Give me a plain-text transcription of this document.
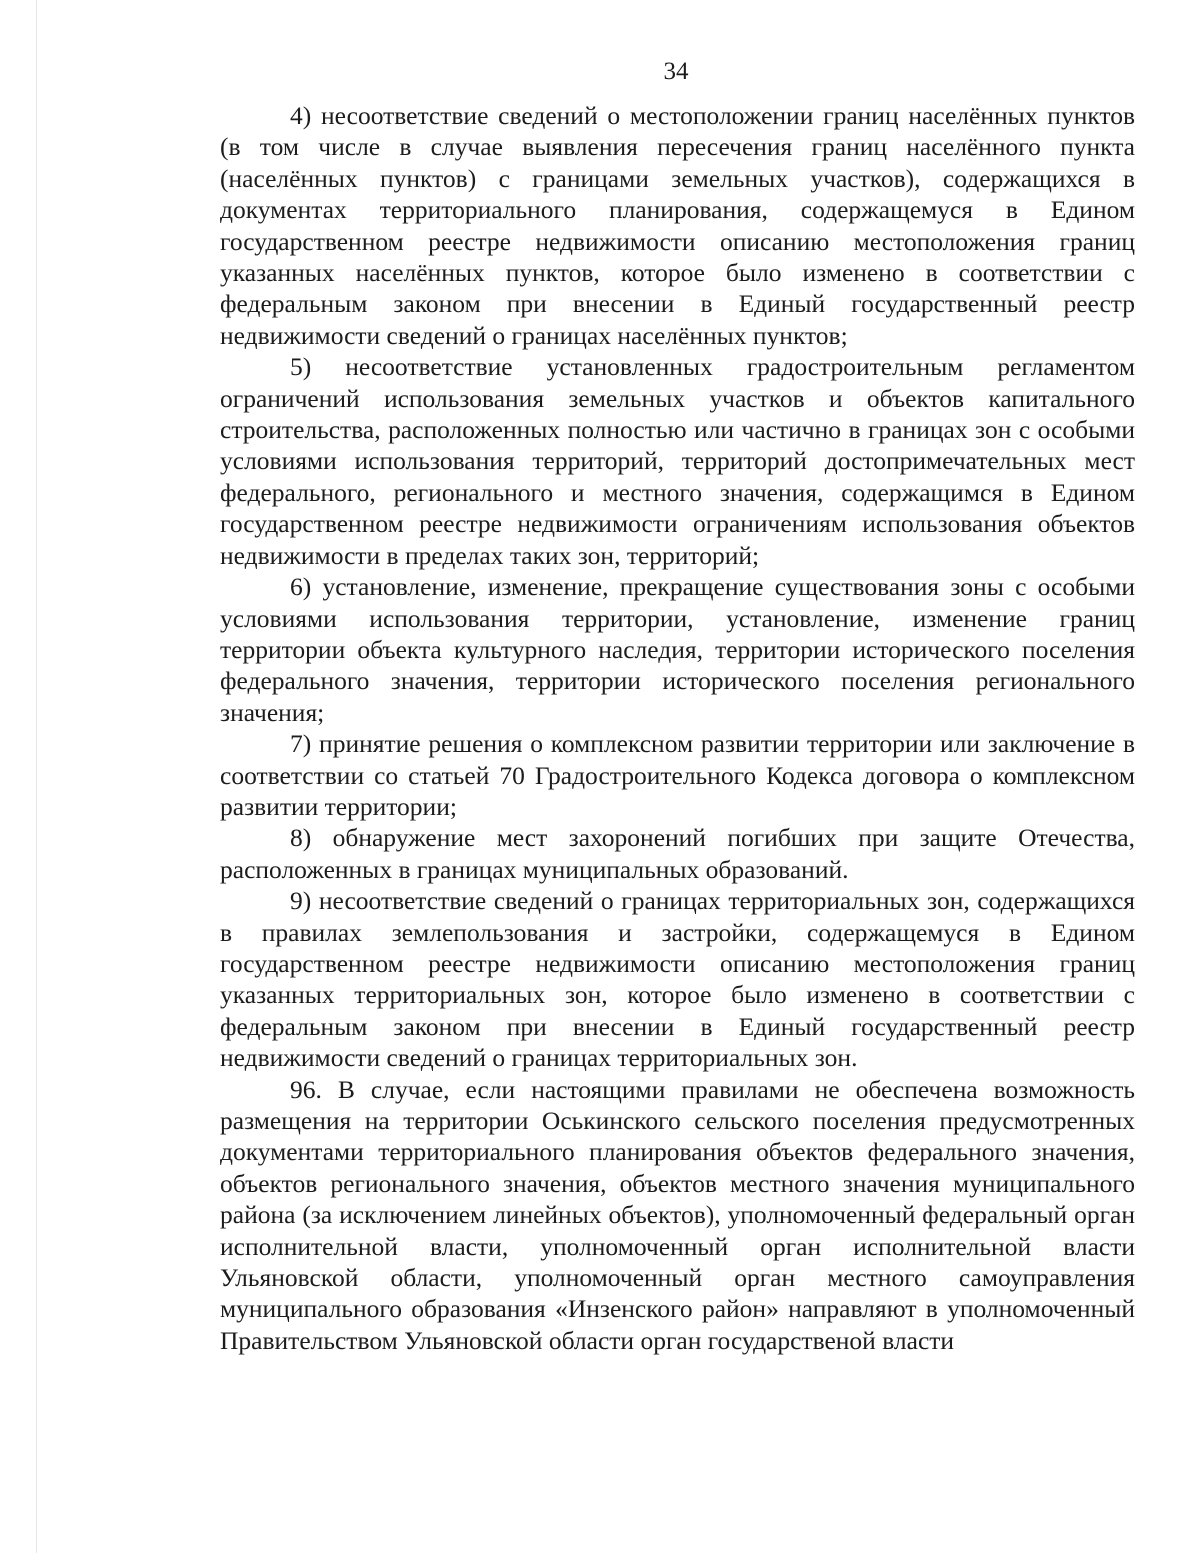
34

4) несоответствие сведений о местоположении границ населённых пунктов (в том числе в случае выявления пересечения границ населённого пункта (населённых пунктов) с границами земельных участков), содержащихся в документах территориального планирования, содержащемуся в Едином государственном реестре недвижимости описанию местоположения границ указанных населённых пунктов, которое было изменено в соответствии с федеральным законом при внесении в Единый государственный реестр недвижимости сведений о границах населённых пунктов;

5) несоответствие установленных градостроительным регламентом ограничений использования земельных участков и объектов капитального строительства, расположенных полностью или частично в границах зон с особыми условиями использования территорий, территорий достопримечательных мест федерального, регионального и местного значения, содержащимся в Едином государственном реестре недвижимости ограничениям использования объектов недвижимости в пределах таких зон, территорий;

6) установление, изменение, прекращение существования зоны с особыми условиями использования территории, установление, изменение границ территории объекта культурного наследия, территории исторического поселения федерального значения, территории исторического поселения регионального значения;

7) принятие решения о комплексном развитии территории или заключение в соответствии со статьей 70 Градостроительного Кодекса договора о комплексном развитии территории;

8) обнаружение мест захоронений погибших при защите Отечества, расположенных в границах муниципальных образований.

9) несоответствие сведений о границах территориальных зон, содержащихся в правилах землепользования и застройки, содержащемуся в Едином государственном реестре недвижимости описанию местоположения границ указанных территориальных зон, которое было изменено в соответствии с федеральным законом при внесении в Единый государственный реестр недвижимости сведений о границах территориальных зон.

96. В случае, если настоящими правилами не обеспечена возможность размещения на территории Оськинского сельского поселения предусмотренных документами территориального планирования объектов федерального значения, объектов регионального значения, объектов местного значения муниципального района (за исключением линейных объектов), уполномоченный федеральный орган исполнительной власти, уполномоченный орган исполнительной власти Ульяновской области, уполномоченный орган местного самоуправления муниципального образования «Инзенского район» направляют в уполномоченный Правительством Ульяновской области орган государственой власти
